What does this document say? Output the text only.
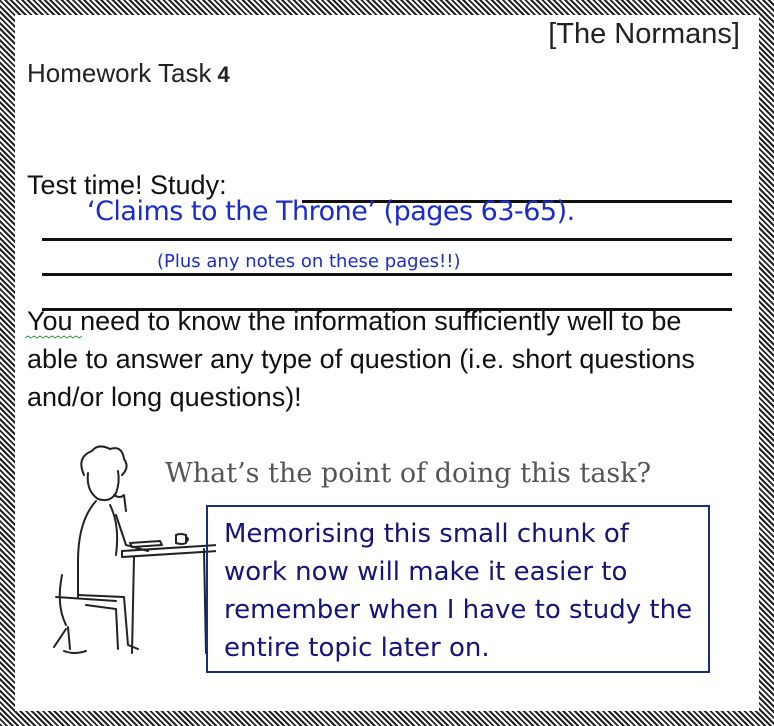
[The Normans]
Homework Task 4
Test time! Study:
‘Claims to the Throne’ (pages 63-65).
(Plus any notes on these pages!!)
You need to know the information sufficiently well to be able to answer any type of question (i.e. short questions and/or long questions)!
What’s the point of doing this task?
Memorising this small chunk of work now will make it easier to remember when I have to study the entire topic later on.
